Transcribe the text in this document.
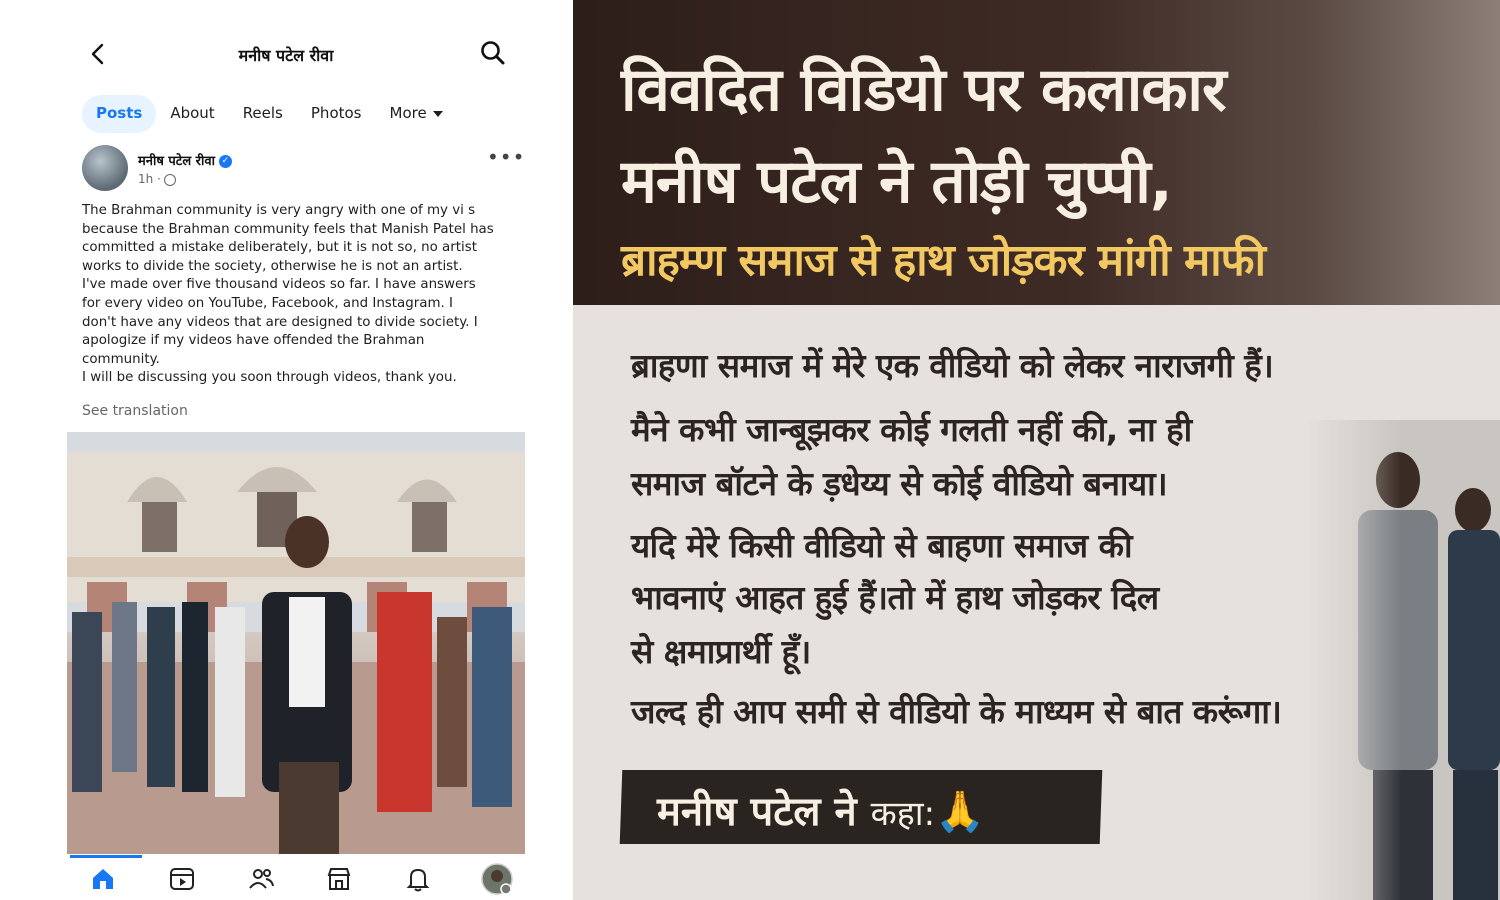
मनीष पटेल रीवा
Posts	About	Reels	Photos	More
मनीष पटेल रीवा ✓
1h ·
•••
The Brahman community is very angry with one of my vi s
because the Brahman community feels that Manish Patel has
committed a mistake deliberately, but it is not so, no artist
works to divide the society, otherwise he is not an artist.
I've made over five thousand videos so far. I have answers
for every video on YouTube, Facebook, and Instagram. I
don't have any videos that are designed to divide society. I
apologize if my videos have offended the Brahman
community.
I will be discussing you soon through videos, thank you.
See translation
विवदित विडियो पर कलाकार
मनीष पटेल ने तोड़ी चुप्पी,
ब्राहम्ण समाज से हाथ जोड़कर मांगी माफी
ब्राहणा समाज में मेरे एक वीडियो को लेकर नाराजगी हैं।
मैने कभी जान्बूझकर कोई गलती नहीं की, ना ही
समाज बॉटने के ड़धेय्य से कोई वीडियो बनाया।
यदि मेरे किसी वीडियो से बाहणा समाज की
भावनाएं आहत हुई हैं।तो में हाथ जोड़कर दिल
से क्षमाप्रार्थी हूँ।
जल्द ही आप समी से वीडियो के माध्यम से बात करूंगा।
मनीष पटेल ने कहा:🙏
